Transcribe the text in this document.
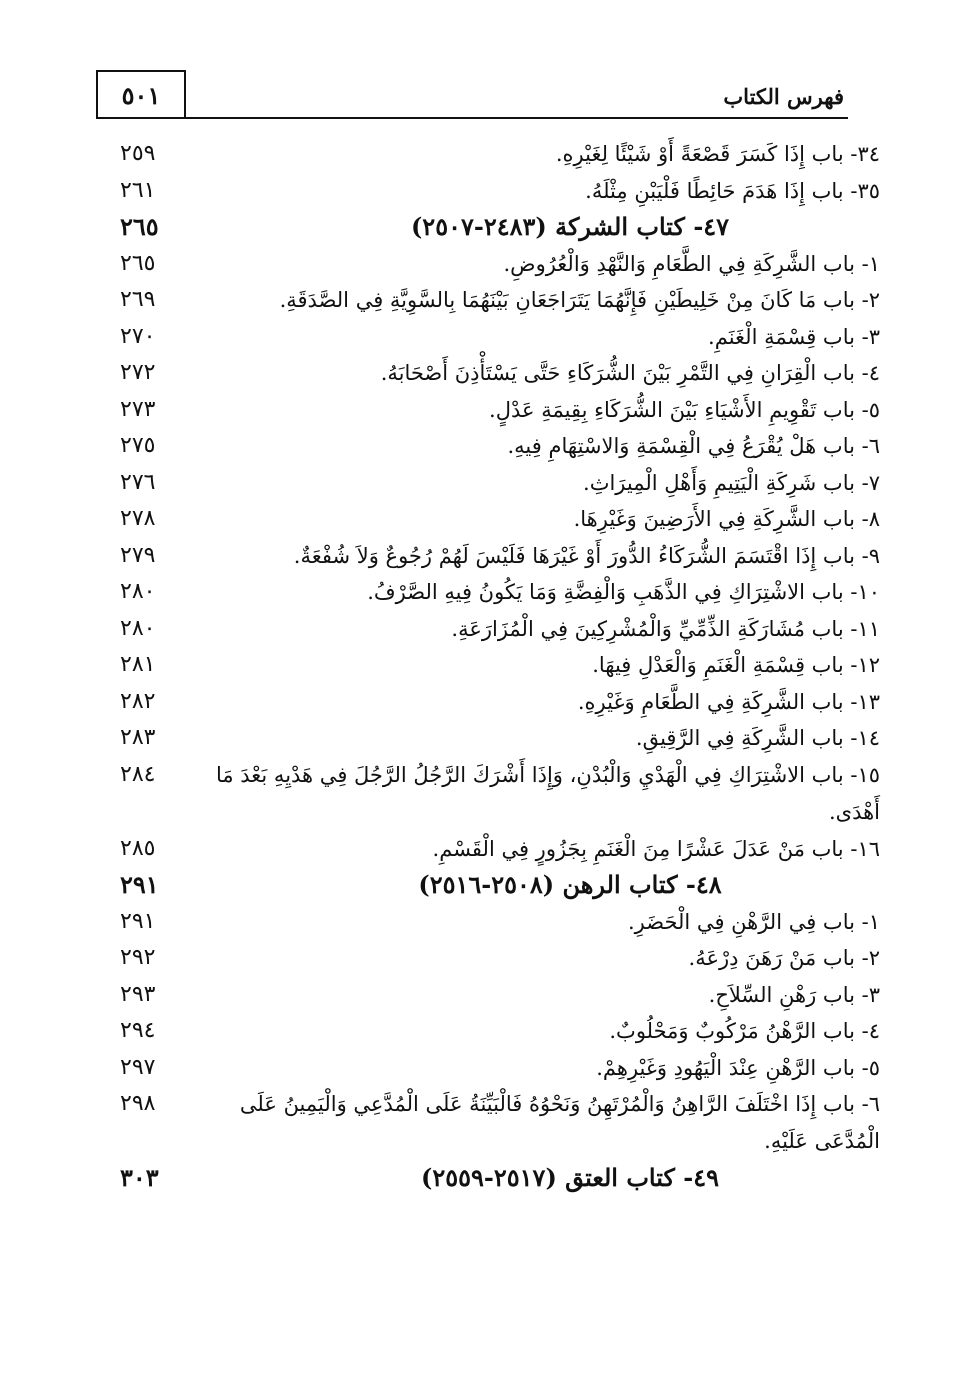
٥٠١	فهرس الكتاب
٢٥٩	٣٤- باب إِذَا كَسَرَ قَصْعَةً أَوْ شَيْئًا لِغَيْرِهِ.
٢٦١	٣٥- باب إِذَا هَدَمَ حَائِطًا فَلْيَبْنِ مِثْلَهُ.
٢٦٥	٤٧- كتاب الشركة (٢٤٨٣-٢٥٠٧)
٢٦٥	١- باب الشَّرِكَةِ فِي الطَّعَامِ وَالنَّهْدِ وَالْعُرُوضِ.
٢٦٩	٢- باب مَا كَانَ مِنْ خَلِيطَيْنِ فَإِنَّهُمَا يَتَرَاجَعَانِ بَيْنَهُمَا بِالسَّوِيَّةِ فِي الصَّدَقَةِ.
٢٧٠	٣- باب قِسْمَةِ الْغَنَمِ.
٢٧٢	٤- باب الْقِرَانِ فِي التَّمْرِ بَيْنَ الشُّرَكَاءِ حَتَّى يَسْتَأْذِنَ أَصْحَابَهُ.
٢٧٣	٥- باب تَقْوِيمِ الأَشْيَاءِ بَيْنَ الشُّرَكَاءِ بِقِيمَةِ عَدْلٍ.
٢٧٥	٦- باب هَلْ يُقْرَعُ فِي الْقِسْمَةِ وَالاسْتِهَامِ فِيهِ.
٢٧٦	٧- باب شَرِكَةِ الْيَتِيمِ وَأَهْلِ الْمِيرَاثِ.
٢٧٨	٨- باب الشَّرِكَةِ فِي الأَرَضِينَ وَغَيْرِهَا.
٢٧٩	٩- باب إِذَا اقْتَسَمَ الشُّرَكَاءُ الدُّورَ أَوْ غَيْرَهَا فَلَيْسَ لَهُمْ رُجُوعٌ وَلاَ شُفْعَةٌ.
٢٨٠	١٠- باب الاشْتِرَاكِ فِي الذَّهَبِ وَالْفِضَّةِ وَمَا يَكُونُ فِيهِ الصَّرْفُ.
٢٨٠	١١- باب مُشَارَكَةِ الذِّمِّيِّ وَالْمُشْرِكِينَ فِي الْمُزَارَعَةِ.
٢٨١	١٢- باب قِسْمَةِ الْغَنَمِ وَالْعَدْلِ فِيهَا.
٢٨٢	١٣- باب الشَّرِكَةِ فِي الطَّعَامِ وَغَيْرِهِ.
٢٨٣	١٤- باب الشَّرِكَةِ فِي الرَّقِيقِ.
٢٨٤	١٥- باب الاشْتِرَاكِ فِي الْهَدْيِ وَالْبُدْنِ، وَإِذَا أَشْرَكَ الرَّجُلُ الرَّجُلَ فِي هَدْيِهِ بَعْدَ مَا أَهْدَى.
٢٨٥	١٦- باب مَنْ عَدَلَ عَشْرًا مِنَ الْغَنَمِ بِجَزُورٍ فِي الْقَسْمِ.
٢٩١	٤٨- كتاب الرهن (٢٥٠٨-٢٥١٦)
٢٩١	١- باب فِي الرَّهْنِ فِي الْحَضَرِ.
٢٩٢	٢- باب مَنْ رَهَنَ دِرْعَهُ.
٢٩٣	٣- باب رَهْنِ السِّلاَحِ.
٢٩٤	٤- باب الرَّهْنُ مَرْكُوبٌ وَمَحْلُوبٌ.
٢٩٧	٥- باب الرَّهْنِ عِنْدَ الْيَهُودِ وَغَيْرِهِمْ.
٢٩٨	٦- باب إِذَا اخْتَلَفَ الرَّاهِنُ وَالْمُرْتَهِنُ وَنَحْوُهُ فَالْبَيِّنَةُ عَلَى الْمُدَّعِي وَالْيَمِينُ عَلَى الْمُدَّعَى عَلَيْهِ.
٣٠٣	٤٩- كتاب العتق (٢٥١٧-٢٥٥٩)
